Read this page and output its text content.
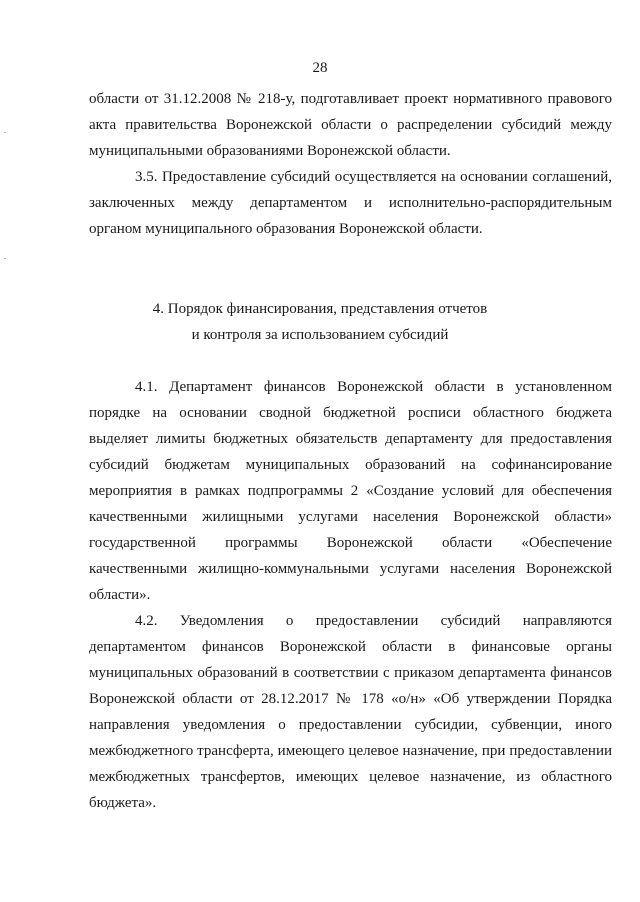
28

области от 31.12.2008 № 218-у, подготавливает проект нормативного правового акта правительства Воронежской области о распределении субсидий между муниципальными образованиями Воронежской области.

3.5. Предоставление субсидий осуществляется на основании соглашений, заключенных между департаментом и исполнительно-распорядительным органом муниципального образования Воронежской области.

4. Порядок финансирования, представления отчетов
и контроля за использованием субсидий

4.1. Департамент финансов Воронежской области в установленном порядке на основании сводной бюджетной росписи областного бюджета выделяет лимиты бюджетных обязательств департаменту для предоставления субсидий бюджетам муниципальных образований на софинансирование мероприятия в рамках подпрограммы 2 «Создание условий для обеспечения качественными жилищными услугами населения Воронежской области» государственной программы Воронежской области «Обеспечение качественными жилищно-коммунальными услугами населения Воронежской области».

4.2. Уведомления о предоставлении субсидий направляются департаментом финансов Воронежской области в финансовые органы муниципальных образований в соответствии с приказом департамента финансов Воронежской области от 28.12.2017 № 178 «о/н» «Об утверждении Порядка направления уведомления о предоставлении субсидии, субвенции, иного межбюджетного трансферта, имеющего целевое назначение, при предоставлении межбюджетных трансфертов, имеющих целевое назначение, из областного бюджета».
